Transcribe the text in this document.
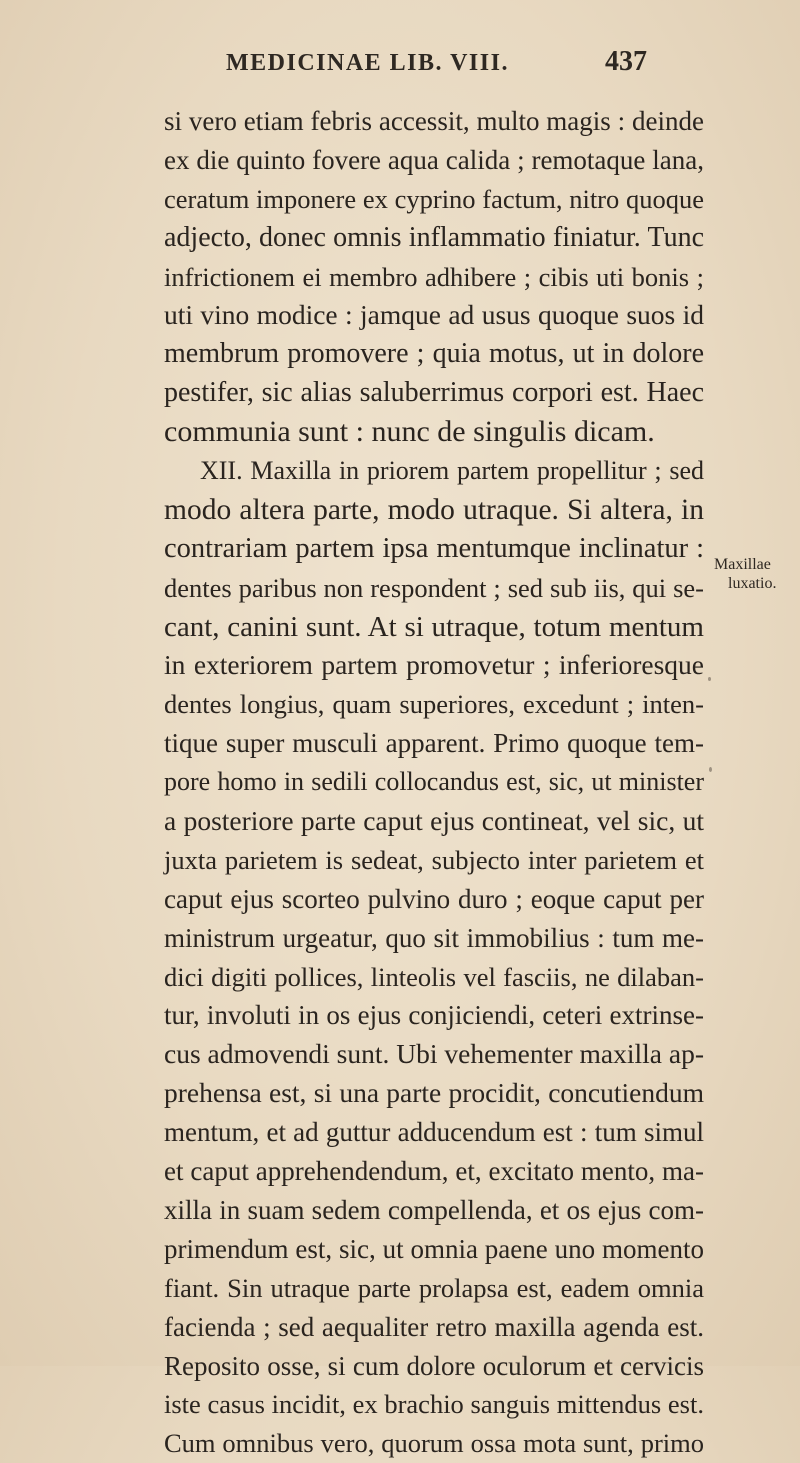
MEDICINAE LIB. VIII.	437
si vero etiam febris accessit, multo magis : deinde
ex die quinto fovere aqua calida ; remotaque lana,
ceratum imponere ex cyprino factum, nitro quoque
adjecto, donec omnis inflammatio finiatur. Tunc
infrictionem ei membro adhibere ; cibis uti bonis ;
uti vino modice : jamque ad usus quoque suos id
membrum promovere ; quia motus, ut in dolore
pestifer, sic alias saluberrimus corpori est. Haec
communia sunt : nunc de singulis dicam.
XII. Maxilla in priorem partem propellitur ; sed
modo altera parte, modo utraque. Si altera, in
contrariam partem ipsa mentumque inclinatur :
dentes paribus non respondent ; sed sub iis, qui se-
cant, canini sunt. At si utraque, totum mentum
in exteriorem partem promovetur ; inferioresque
dentes longius, quam superiores, excedunt ; inten-
tique super musculi apparent. Primo quoque tem-
pore homo in sedili collocandus est, sic, ut minister
a posteriore parte caput ejus contineat, vel sic, ut
juxta parietem is sedeat, subjecto inter parietem et
caput ejus scorteo pulvino duro ; eoque caput per
ministrum urgeatur, quo sit immobilius : tum me-
dici digiti pollices, linteolis vel fasciis, ne dilaban-
tur, involuti in os ejus conjiciendi, ceteri extrinse-
cus admovendi sunt. Ubi vehementer maxilla ap-
prehensa est, si una parte procidit, concutiendum
mentum, et ad guttur adducendum est : tum simul
et caput apprehendendum, et, excitato mento, ma-
xilla in suam sedem compellenda, et os ejus com-
primendum est, sic, ut omnia paene uno momento
fiant. Sin utraque parte prolapsa est, eadem omnia
facienda ; sed aequaliter retro maxilla agenda est.
Reposito osse, si cum dolore oculorum et cervicis
iste casus incidit, ex brachio sanguis mittendus est.
Cum omnibus vero, quorum ossa mota sunt, primo
Maxillae
luxatio.
